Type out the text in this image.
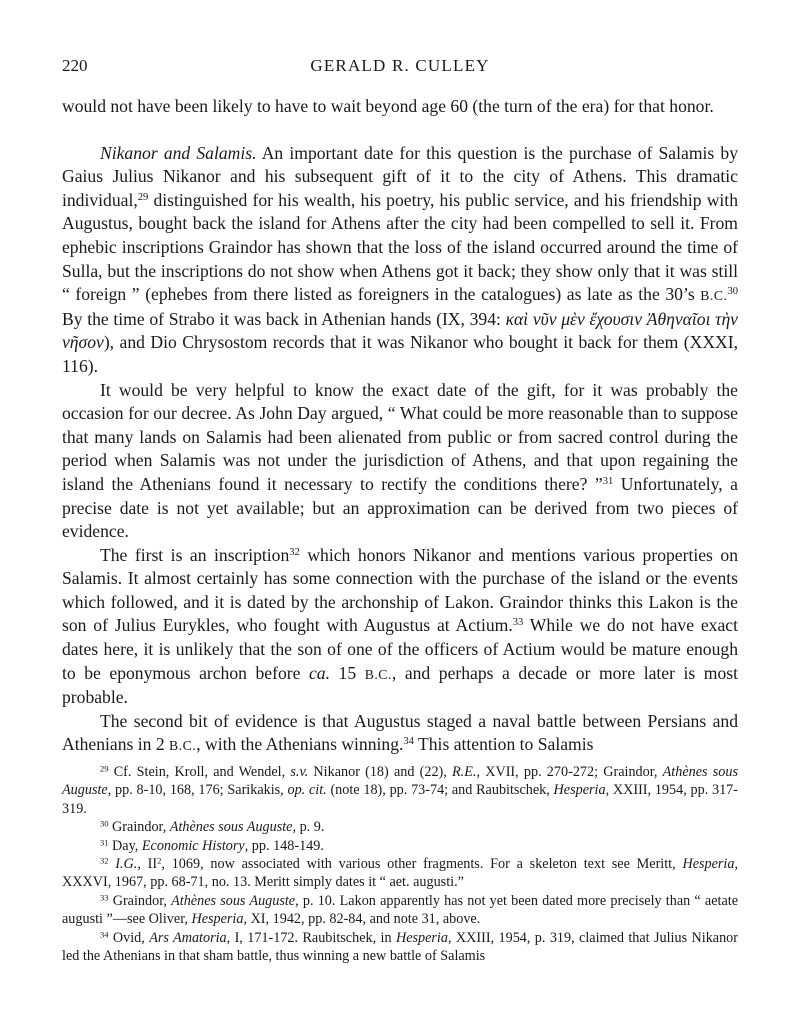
220	GERALD R. CULLEY

would not have been likely to have to wait beyond age 60 (the turn of the era) for that honor.

Nikanor and Salamis. An important date for this question is the purchase of Salamis by Gaius Julius Nikanor and his subsequent gift of it to the city of Athens. This dramatic individual,$^{29}$ distinguished for his wealth, his poetry, his public service, and his friendship with Augustus, bought back the island for Athens after the city had been compelled to sell it. From ephebic inscriptions Graindor has shown that the loss of the island occurred around the time of Sulla, but the inscriptions do not show when Athens got it back; they show only that it was still “ foreign ” (ephebes from there listed as foreigners in the catalogues) as late as the 30’s B.C.$^{30}$ By the time of Strabo it was back in Athenian hands (IX, 394: καὶ νῦν μὲν ἔχουσιν Ἀθηναῖοι τὴν νῆσον), and Dio Chrysostom records that it was Nikanor who bought it back for them (XXXI, 116).

It would be very helpful to know the exact date of the gift, for it was probably the occasion for our decree. As John Day argued, “ What could be more reasonable than to suppose that many lands on Salamis had been alienated from public or from sacred control during the period when Salamis was not under the jurisdiction of Athens, and that upon regaining the island the Athenians found it necessary to rectify the conditions there? ”$^{31}$ Unfortunately, a precise date is not yet available; but an approximation can be derived from two pieces of evidence.

The first is an inscription$^{32}$ which honors Nikanor and mentions various properties on Salamis. It almost certainly has some connection with the purchase of the island or the events which followed, and it is dated by the archonship of Lakon. Graindor thinks this Lakon is the son of Julius Eurykles, who fought with Augustus at Actium.$^{33}$ While we do not have exact dates here, it is unlikely that the son of one of the officers of Actium would be mature enough to be eponymous archon before ca. 15 B.C., and perhaps a decade or more later is most probable.

The second bit of evidence is that Augustus staged a naval battle between Persians and Athenians in 2 B.C., with the Athenians winning.$^{34}$ This attention to Salamis

$^{29}$ Cf. Stein, Kroll, and Wendel, s.v. Nikanor (18) and (22), R.E., XVII, pp. 270-272; Graindor, Athènes sous Auguste, pp. 8-10, 168, 176; Sarikakis, op. cit. (note 18), pp. 73-74; and Raubitschek, Hesperia, XXIII, 1954, pp. 317-319.

$^{30}$ Graindor, Athènes sous Auguste, p. 9.

$^{31}$ Day, Economic History, pp. 148-149.

$^{32}$ I.G., $II^2$, 1069, now associated with various other fragments. For a skeleton text see Meritt, Hesperia, XXXVI, 1967, pp. 68-71, no. 13. Meritt simply dates it “ aet. augusti.”

$^{33}$ Graindor, Athènes sous Auguste, p. 10. Lakon apparently has not yet been dated more precisely than “ aetate augusti ”—see Oliver, Hesperia, XI, 1942, pp. 82-84, and note 31, above.

$^{34}$ Ovid, Ars Amatoria, I, 171-172. Raubitschek, in Hesperia, XXIII, 1954, p. 319, claimed that Julius Nikanor led the Athenians in that sham battle, thus winning a new battle of Salamis
